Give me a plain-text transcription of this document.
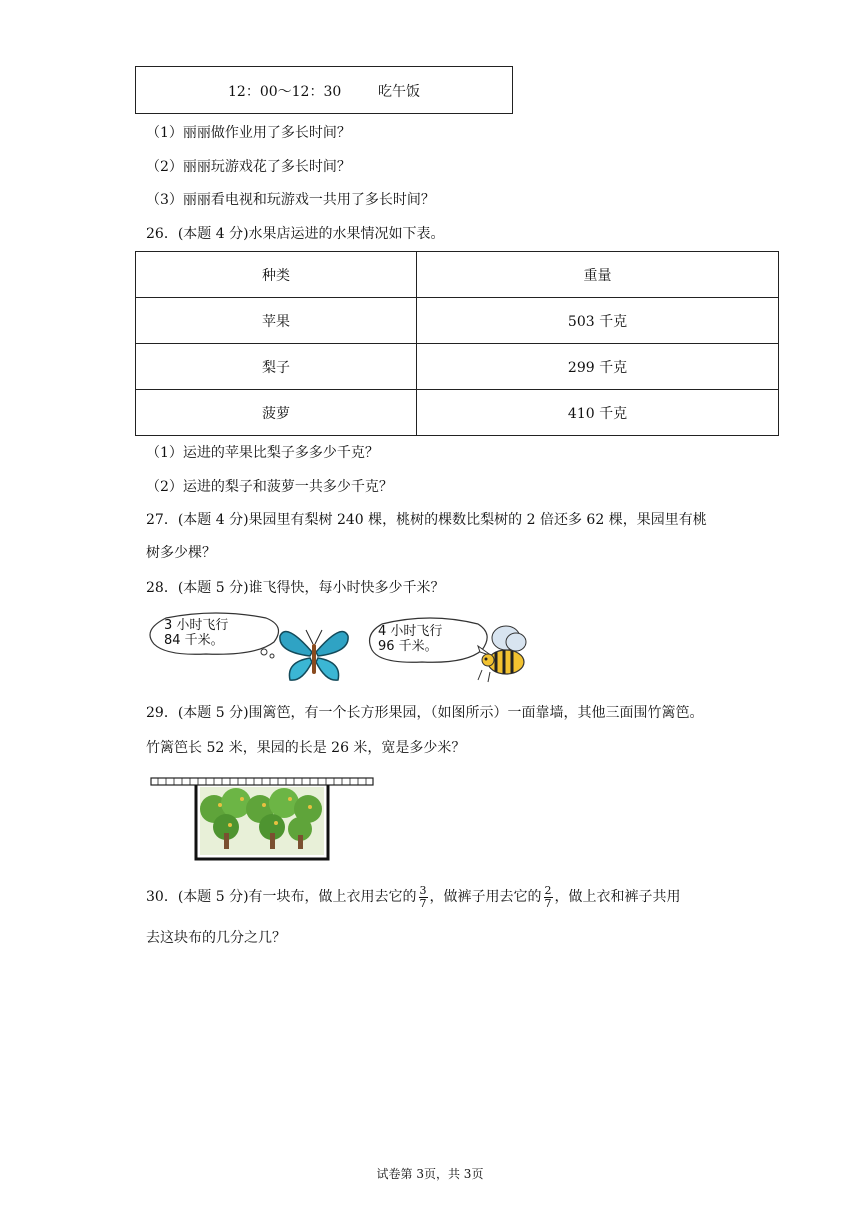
12：00～12：30	吃午饭
（1）丽丽做作业用了多长时间？
（2）丽丽玩游戏花了多长时间？
（3）丽丽看电视和玩游戏一共用了多长时间？
26．(本题 4 分)水果店运进的水果情况如下表。
种类	重量
苹果	503 千克
梨子	299 千克
菠萝	410 千克
（1）运进的苹果比梨子多多少千克？
（2）运进的梨子和菠萝一共多少千克？
27．(本题 4 分)果园里有梨树 240 棵，桃树的棵数比梨树的 2 倍还多 62 棵，果园里有桃
树多少棵？
28．(本题 5 分)谁飞得快，每小时快多少千米？
3 小时飞行
84 千米。
4 小时飞行
96 千米。
29．(本题 5 分)围篱笆，有一个长方形果园，（如图所示）一面靠墙，其他三面围竹篱笆。
竹篱笆长 52 米，果园的长是 26 米，宽是多少米？
30．(本题 5 分)有一块布，做上衣用去它的 $\frac{3}{7}$ ，做裤子用去它的 $\frac{2}{7}$ ，做上衣和裤子共用
去这块布的几分之几？
试卷第 3页，共 3页
